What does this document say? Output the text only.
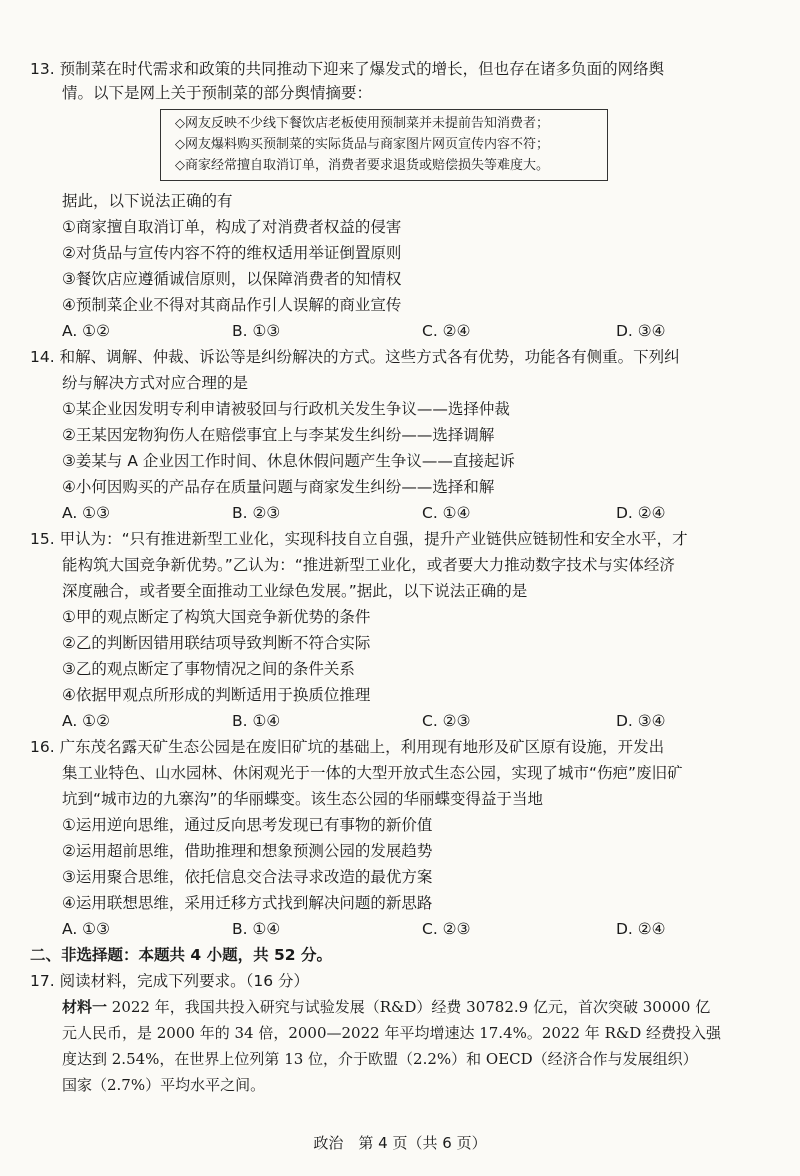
13. 预制菜在时代需求和政策的共同推动下迎来了爆发式的增长，但也存在诸多负面的网络舆
情。以下是网上关于预制菜的部分舆情摘要：
◇网友反映不少线下餐饮店老板使用预制菜并未提前告知消费者；
◇网友爆料购买预制菜的实际货品与商家图片网页宣传内容不符；
◇商家经常擅自取消订单，消费者要求退货或赔偿损失等难度大。
据此，以下说法正确的有
①商家擅自取消订单，构成了对消费者权益的侵害
②对货品与宣传内容不符的维权适用举证倒置原则
③餐饮店应遵循诚信原则，以保障消费者的知情权
④预制菜企业不得对其商品作引人误解的商业宣传
A. ①②	B. ①③	C. ②④	D. ③④
14. 和解、调解、仲裁、诉讼等是纠纷解决的方式。这些方式各有优势，功能各有侧重。下列纠
纷与解决方式对应合理的是
①某企业因发明专利申请被驳回与行政机关发生争议——选择仲裁
②王某因宠物狗伤人在赔偿事宜上与李某发生纠纷——选择调解
③姜某与 A 企业因工作时间、休息休假问题产生争议——直接起诉
④小何因购买的产品存在质量问题与商家发生纠纷——选择和解
A. ①③	B. ②③	C. ①④	D. ②④
15. 甲认为：“只有推进新型工业化，实现科技自立自强，提升产业链供应链韧性和安全水平，才
能构筑大国竞争新优势。”乙认为：“推进新型工业化，或者要大力推动数字技术与实体经济
深度融合，或者要全面推动工业绿色发展。”据此，以下说法正确的是
①甲的观点断定了构筑大国竞争新优势的条件
②乙的判断因错用联结项导致判断不符合实际
③乙的观点断定了事物情况之间的条件关系
④依据甲观点所形成的判断适用于换质位推理
A. ①②	B. ①④	C. ②③	D. ③④
16. 广东茂名露天矿生态公园是在废旧矿坑的基础上，利用现有地形及矿区原有设施，开发出
集工业特色、山水园林、休闲观光于一体的大型开放式生态公园，实现了城市“伤疤”废旧矿
坑到“城市边的九寨沟”的华丽蝶变。该生态公园的华丽蝶变得益于当地
①运用逆向思维，通过反向思考发现已有事物的新价值
②运用超前思维，借助推理和想象预测公园的发展趋势
③运用聚合思维，依托信息交合法寻求改造的最优方案
④运用联想思维，采用迁移方式找到解决问题的新思路
A. ①③	B. ①④	C. ②③	D. ②④
二、非选择题：本题共 4 小题，共 52 分。
17. 阅读材料，完成下列要求。（16 分）
材料一 2022 年，我国共投入研究与试验发展（R&D）经费 30782.9 亿元，首次突破 30000 亿
元人民币，是 2000 年的 34 倍，2000—2022 年平均增速达 17.4%。2022 年 R&D 经费投入强
度达到 2.54%，在世界上位列第 13 位，介于欧盟（2.2%）和 OECD（经济合作与发展组织）
国家（2.7%）平均水平之间。
政治　第 4 页（共 6 页）
